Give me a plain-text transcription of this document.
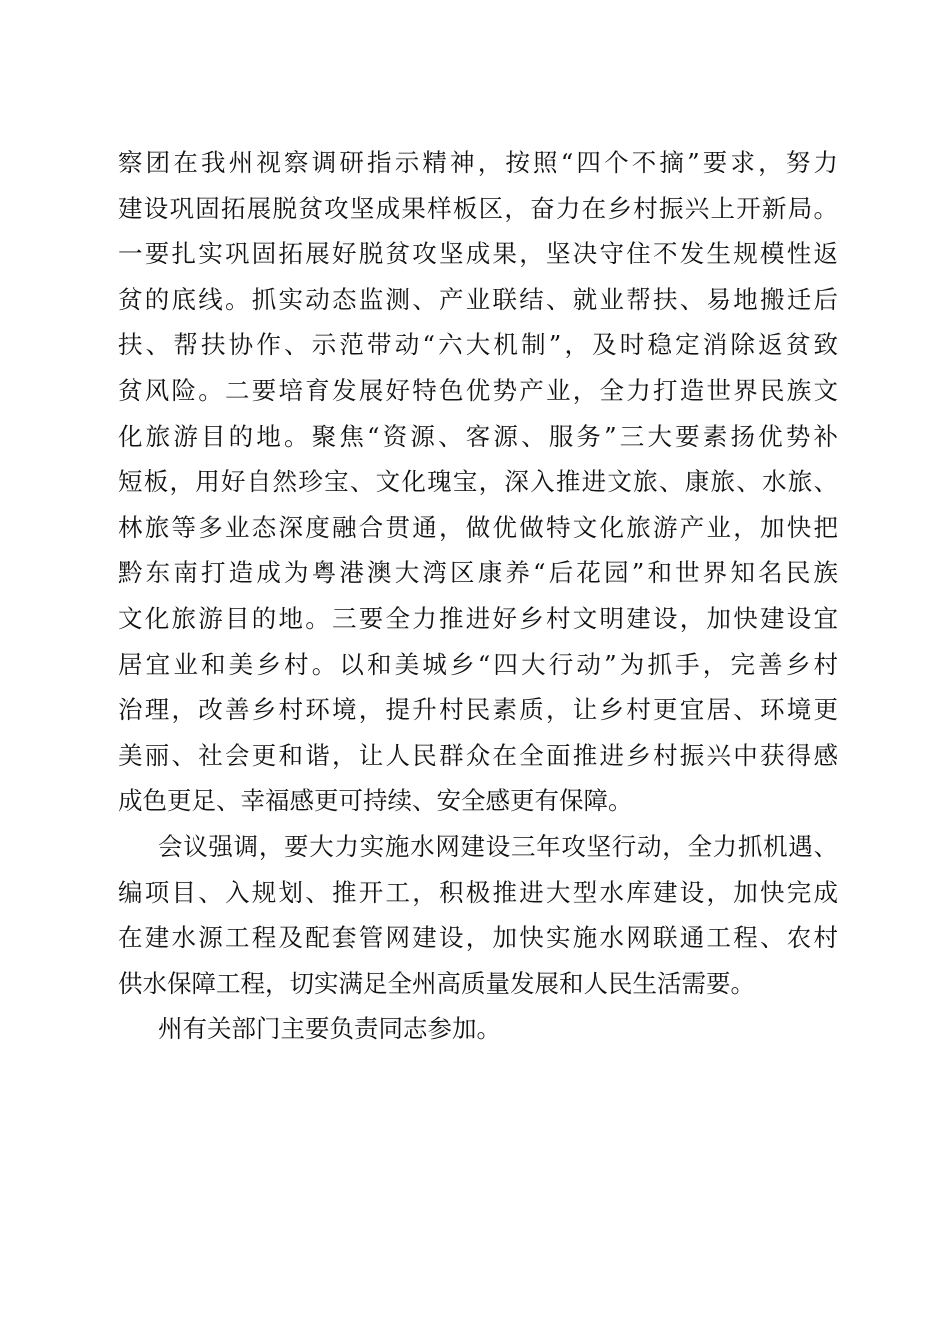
察团在我州视察调研指示精神，按照“四个不摘”要求，努力
建设巩固拓展脱贫攻坚成果样板区，奋力在乡村振兴上开新局。
一要扎实巩固拓展好脱贫攻坚成果，坚决守住不发生规模性返
贫的底线。抓实动态监测、产业联结、就业帮扶、易地搬迁后
扶、帮扶协作、示范带动“六大机制”，及时稳定消除返贫致
贫风险。二要培育发展好特色优势产业，全力打造世界民族文
化旅游目的地。聚焦“资源、客源、服务”三大要素扬优势补
短板，用好自然珍宝、文化瑰宝，深入推进文旅、康旅、水旅、
林旅等多业态深度融合贯通，做优做特文化旅游产业，加快把
黔东南打造成为粤港澳大湾区康养“后花园”和世界知名民族
文化旅游目的地。三要全力推进好乡村文明建设，加快建设宜
居宜业和美乡村。以和美城乡“四大行动”为抓手，完善乡村
治理，改善乡村环境，提升村民素质，让乡村更宜居、环境更
美丽、社会更和谐，让人民群众在全面推进乡村振兴中获得感
成色更足、幸福感更可持续、安全感更有保障。
会议强调，要大力实施水网建设三年攻坚行动，全力抓机遇、
编项目、入规划、推开工，积极推进大型水库建设，加快完成
在建水源工程及配套管网建设，加快实施水网联通工程、农村
供水保障工程，切实满足全州高质量发展和人民生活需要。
州有关部门主要负责同志参加。
